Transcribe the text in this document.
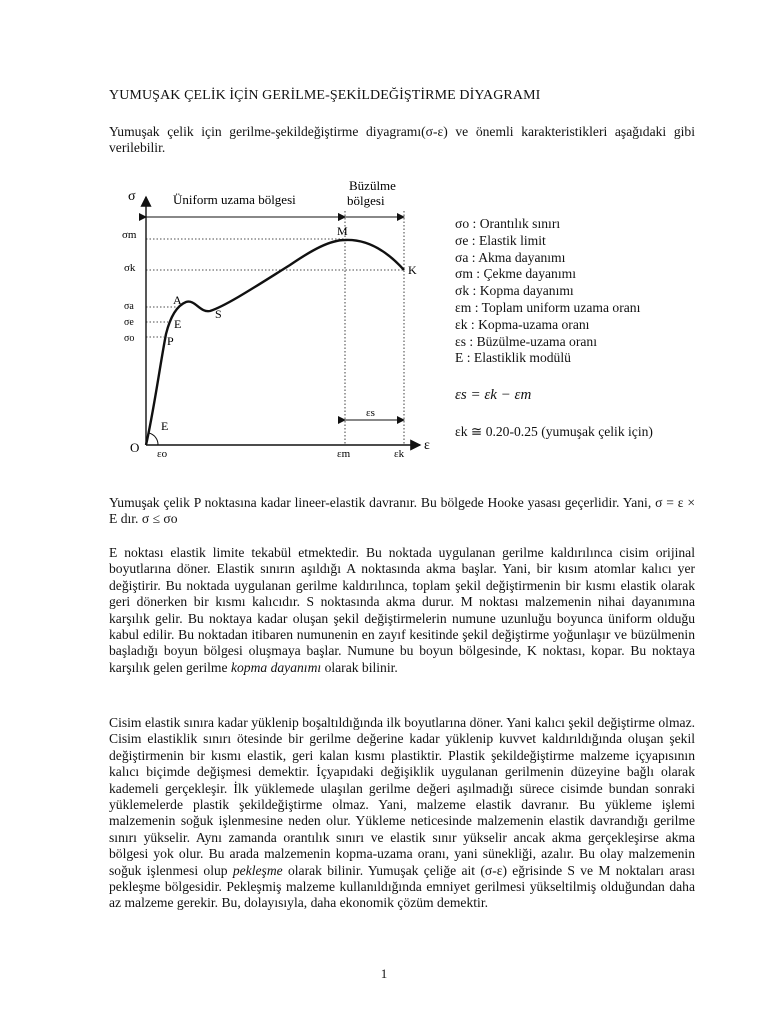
YUMUŞAK ÇELİK İÇİN GERİLME-ŞEKİLDEĞİŞTİRME DİYAGRAMI
Yumuşak çelik için gerilme-şekildeğiştirme diyagramı(σ-ε) ve önemli karakteristikleri aşağıdaki gibi verilebilir.
σ
ε
O
Üniform uzama bölgesi
Büzülme
bölgesi
σm
σk
σa
σe
σo
εo	εm	εk
M
K
A
S
E
P
E
εs
σo : Orantılık sınırı
σe : Elastik limit
σa : Akma dayanımı
σm : Çekme dayanımı
σk : Kopma dayanımı
εm : Toplam uniform uzama oranı
εk : Kopma-uzama oranı
εs : Büzülme-uzama oranı
E : Elastiklik modülü
εs = εk − εm
εk ≅ 0.20-0.25 (yumuşak çelik için)
Yumuşak çelik P noktasına kadar lineer-elastik davranır. Bu bölgede Hooke yasası geçerlidir. Yani, σ = ε × E dır. σ ≤ σo
E noktası elastik limite tekabül etmektedir. Bu noktada uygulanan gerilme kaldırılınca cisim orijinal boyutlarına döner. Elastik sınırın aşıldığı A noktasında akma başlar. Yani, bir kısım atomlar kalıcı yer değiştirir. Bu noktada uygulanan gerilme kaldırılınca, toplam şekil değiştirmenin bir kısmı elastik olarak geri dönerken bir kısmı kalıcıdır. S noktasında akma durur. M noktası malzemenin nihai dayanımına karşılık gelir. Bu noktaya kadar oluşan şekil değiştirmelerin numune uzunluğu boyunca üniform olduğu kabul edilir. Bu noktadan itibaren numunenin en zayıf kesitinde şekil değiştirme yoğunlaşır ve büzülmenin başladığı boyun bölgesi oluşmaya başlar. Numune bu boyun bölgesinde, K noktası, kopar. Bu noktaya karşılık gelen gerilme kopma dayanımı olarak bilinir.
Cisim elastik sınıra kadar yüklenip boşaltıldığında ilk boyutlarına döner. Yani kalıcı şekil değiştirme olmaz. Cisim elastiklik sınırı ötesinde bir gerilme değerine kadar yüklenip kuvvet kaldırıldığında oluşan şekil değiştirmenin bir kısmı elastik, geri kalan kısmı plastiktir. Plastik şekildeğiştirme malzeme içyapısının kalıcı biçimde değişmesi demektir. İçyapıdaki değişiklik uygulanan gerilmenin düzeyine bağlı olarak kademeli gerçekleşir. İlk yüklemede ulaşılan gerilme değeri aşılmadığı sürece cisimde bundan sonraki yüklemelerde plastik şekildeğiştirme olmaz. Yani, malzeme elastik davranır. Bu yükleme işlemi malzemenin soğuk işlenmesine neden olur. Yükleme neticesinde malzemenin elastik davrandığı gerilme sınırı yükselir. Aynı zamanda orantılık sınırı ve elastik sınır yükselir ancak akma gerçekleşirse akma bölgesi yok olur. Bu arada malzemenin kopma-uzama oranı, yani sünekliği, azalır. Bu olay malzemenin soğuk işlenmesi olup pekleşme olarak bilinir. Yumuşak çeliğe ait (σ-ε) eğrisinde S ve M noktaları arası pekleşme bölgesidir. Pekleşmiş malzeme kullanıldığında emniyet gerilmesi yükseltilmiş olduğundan daha az malzeme gerekir. Bu, dolayısıyla, daha ekonomik çözüm demektir.
1
